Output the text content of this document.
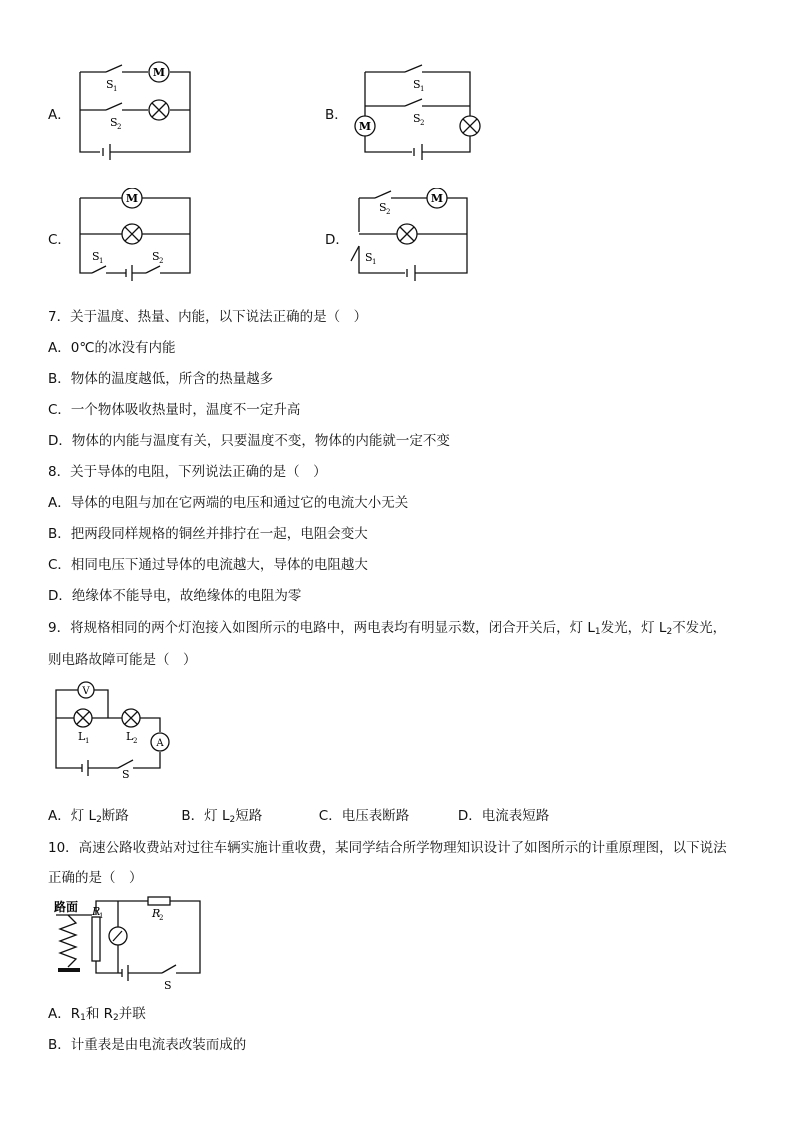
A．	B．
C．	D．
M
S 1
S 2	M
S 1
S 2
M
S 1	S 2
M
S 2
S 1
7．关于温度、热量、内能，以下说法正确的是（　）
A．0℃的冰没有内能
B．物体的温度越低，所含的热量越多
C．一个物体吸收热量时，温度不一定升高
D．物体的内能与温度有关，只要温度不变，物体的内能就一定不变
8．关于导体的电阻，下列说法正确的是（　）
A．导体的电阻与加在它两端的电压和通过它的电流大小无关
B．把两段同样规格的铜丝并排拧在一起，电阻会变大
C．相同电压下通过导体的电流越大，导体的电阻越大
D．绝缘体不能导电，故绝缘体的电阻为零
9．将规格相同的两个灯泡接入如图所示的电路中，两电表均有明显示数，闭合开关后，灯 $L_1$发光，灯 $L_2$不发光，
则电路故障可能是（　）
V
A
L 1	L 2
S
A．灯 $L_2$断路	B．灯 $L_2$短路	C．电压表断路	D．电流表短路
10．高速公路收费站对过往车辆实施计重收费，某同学结合所学物理知识设计了如图所示的计重原理图，以下说法
正确的是（　）
路面 R
1	R
2
S
A．$R_1$和 $R_2$并联
B．计重表是由电流表改装而成的
